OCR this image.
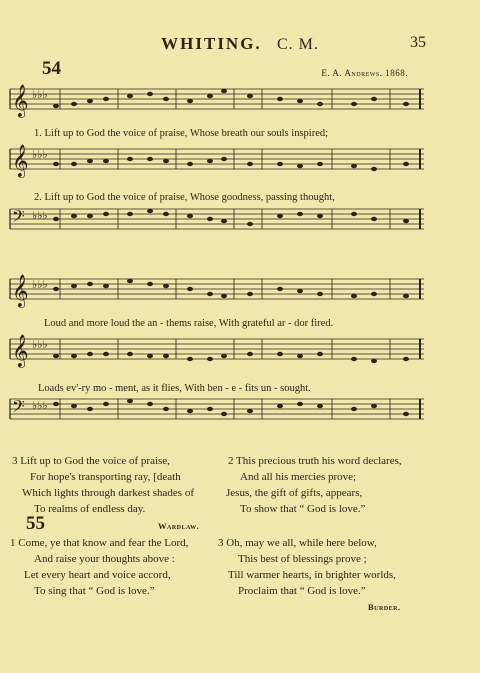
WHITING. C. M.	35
54	E. A. Andrews. 1868.
𝄞 ♭♭♭
𝄞 ♭♭♭
𝄢 ♭♭♭
1. Lift up to God the voice of praise, Whose breath our souls inspired;
2. Lift up to God the voice of praise, Whose goodness, passing thought,
𝄞 ♭♭♭
𝄞 ♭♭♭
𝄢 ♭♭♭
Loud and more loud the an - thems raise, With grateful ar - dor fired.
Loads ev'-ry mo - ment, as it flies, With ben - e - fits un - sought.
3 Lift up to God the voice of praise,
For hope's transporting ray, [death
Which lights through darkest shades of
To realms of endless day.
Wardlaw.
2 This precious truth his word declares,
And all his mercies prove;
Jesus, the gift of gifts, appears,
To show that “ God is love.”
55
1 Come, ye that know and fear the Lord,
And raise your thoughts above :
Let every heart and voice accord,
To sing that “ God is love.”
3 Oh, may we all, while here below,
This best of blessings prove ;
Till warmer hearts, in brighter worlds,
Proclaim that “ God is love.”
Burder.
